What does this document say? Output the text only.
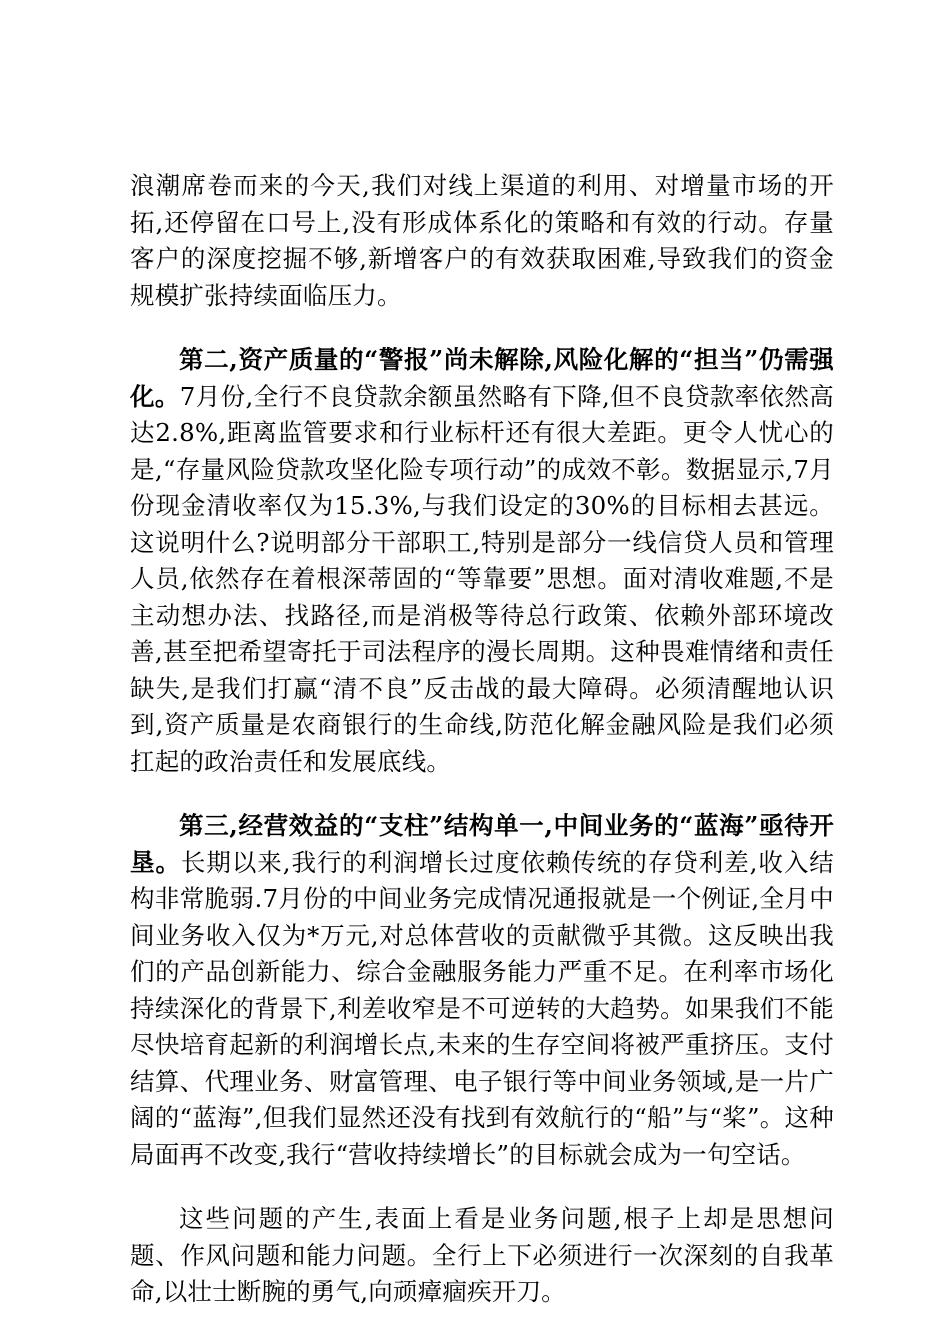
浪潮席卷而来的今天,我们对线上渠道的利用、对增量市场的开拓,还停留在口号上,没有形成体系化的策略和有效的行动。存量客户的深度挖掘不够,新增客户的有效获取困难,导致我们的资金规模扩张持续面临压力。

第二,资产质量的“警报”尚未解除,风险化解的“担当”仍需强化。7月份,全行不良贷款余额虽然略有下降,但不良贷款率依然高达2.8%,距离监管要求和行业标杆还有很大差距。更令人忧心的是,“存量风险贷款攻坚化险专项行动”的成效不彰。数据显示,7月份现金清收率仅为15.3%,与我们设定的30%的目标相去甚远。这说明什么?说明部分干部职工,特别是部分一线信贷人员和管理人员,依然存在着根深蒂固的“等靠要”思想。面对清收难题,不是主动想办法、找路径,而是消极等待总行政策、依赖外部环境改善,甚至把希望寄托于司法程序的漫长周期。这种畏难情绪和责任缺失,是我们打赢“清不良”反击战的最大障碍。必须清醒地认识到,资产质量是农商银行的生命线,防范化解金融风险是我们必须扛起的政治责任和发展底线。

第三,经营效益的“支柱”结构单一,中间业务的“蓝海”亟待开垦。长期以来,我行的利润增长过度依赖传统的存贷利差,收入结构非常脆弱.7月份的中间业务完成情况通报就是一个例证,全月中间业务收入仅为*万元,对总体营收的贡献微乎其微。这反映出我们的产品创新能力、综合金融服务能力严重不足。在利率市场化持续深化的背景下,利差收窄是不可逆转的大趋势。如果我们不能尽快培育起新的利润增长点,未来的生存空间将被严重挤压。支付结算、代理业务、财富管理、电子银行等中间业务领域,是一片广阔的“蓝海”,但我们显然还没有找到有效航行的“船”与“桨”。这种局面再不改变,我行“营收持续增长”的目标就会成为一句空话。

这些问题的产生,表面上看是业务问题,根子上却是思想问题、作风问题和能力问题。全行上下必须进行一次深刻的自我革命,以壮士断腕的勇气,向顽瘴痼疾开刀。
